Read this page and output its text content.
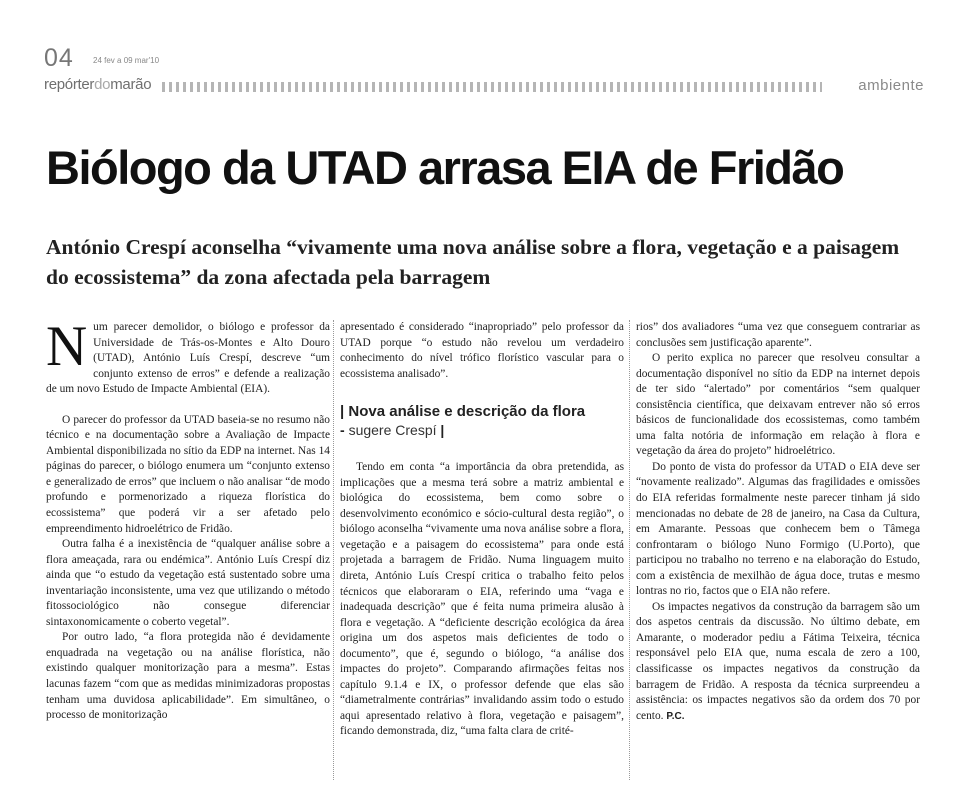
04 24 fev a 09 mar'10
repórterdomarão	ambiente
Biólogo da UTAD arrasa EIA de Fridão

António Crespí aconselha “vivamente uma nova análise sobre a flora, vegetação e a paisagem do ecossistema” da zona afectada pela barragem

Num parecer demolidor, o biólogo e professor da Universidade de Trás-os-Montes e Alto Douro (UTAD), António Luís Crespí, descreve “um conjunto extenso de erros” e defende a realização de um novo Estudo de Impacte Ambiental (EIA).

O parecer do professor da UTAD baseia-se no resumo não técnico e na documentação sobre a Avaliação de Impacte Ambiental disponibilizada no sítio da EDP na internet. Nas 14 páginas do parecer, o biólogo enumera um “conjunto extenso e generalizado de erros” que incluem o não analisar “de modo profundo e pormenorizado a riqueza florística do ecossistema” que poderá vir a ser afetado pelo empreendimento hidroelétrico de Fridão.

Outra falha é a inexistência de “qualquer análise sobre a flora ameaçada, rara ou endémica”. António Luís Crespí diz ainda que “o estudo da vegetação está sustentado sobre uma inventariação inconsistente, uma vez que utilizando o método fitossociológico não consegue diferenciar sintaxonomicamente o coberto vegetal”.

Por outro lado, “a flora protegida não é devidamente enquadrada na vegetação ou na análise florística, não existindo qualquer monitorização para a mesma”. Estas lacunas fazem “com que as medidas minimizadoras propostas tenham uma duvidosa aplicabilidade”. Em simultâneo, o processo de monitorização

apresentado é considerado “inapropriado” pelo professor da UTAD porque “o estudo não revelou um verdadeiro conhecimento do nível trófico florístico vascular para o ecossistema analisado”.

| Nova análise e descrição da flora
- sugere Crespí |

Tendo em conta “a importância da obra pretendida, as implicações que a mesma terá sobre a matriz ambiental e biológica do ecossistema, bem como sobre o desenvolvimento económico e sócio-cultural desta região”, o biólogo aconselha “vivamente uma nova análise sobre a flora, vegetação e a paisagem do ecossistema” para onde está projetada a barragem de Fridão. Numa linguagem muito direta, António Luís Crespí critica o trabalho feito pelos técnicos que elaboraram o EIA, referindo uma “vaga e inadequada descrição” que é feita numa primeira alusão à flora e vegetação. A “deficiente descrição ecológica da área origina um dos aspetos mais deficientes de todo o documento”, que é, segundo o biólogo, “a análise dos impactes do projeto”. Comparando afirmações feitas nos capítulo 9.1.4 e IX, o professor defende que elas são “diametralmente contrárias” invalidando assim todo o estudo aqui apresentado relativo à flora, vegetação e paisagem”, ficando demonstrada, diz, “uma falta clara de crité-

rios” dos avaliadores “uma vez que conseguem contrariar as conclusões sem justificação aparente”.

O perito explica no parecer que resolveu consultar a documentação disponível no sítio da EDP na internet depois de ter sido “alertado” por comentários “sem qualquer consistência científica, que deixavam entrever não só erros básicos de funcionalidade dos ecossistemas, como também uma falta notória de informação em relação à flora e vegetação da área do projeto” hidroelétrico.

Do ponto de vista do professor da UTAD o EIA deve ser “novamente realizado”. Algumas das fragilidades e omissões do EIA referidas formalmente neste parecer tinham já sido mencionadas no debate de 28 de janeiro, na Casa da Cultura, em Amarante. Pessoas que conhecem bem o Tâmega confrontaram o biólogo Nuno Formigo (U.Porto), que participou no trabalho no terreno e na elaboração do Estudo, com a existência de mexilhão de água doce, trutas e mesmo lontras no rio, factos que o EIA não refere.

Os impactes negativos da construção da barragem são um dos aspetos centrais da discussão. No último debate, em Amarante, o moderador pediu a Fátima Teixeira, técnica responsável pelo EIA que, numa escala de zero a 100, classificasse os impactes negativos da construção da barragem de Fridão. A resposta da técnica surpreendeu a assistência: os impactes negativos são da ordem dos 70 por cento. P.C.
